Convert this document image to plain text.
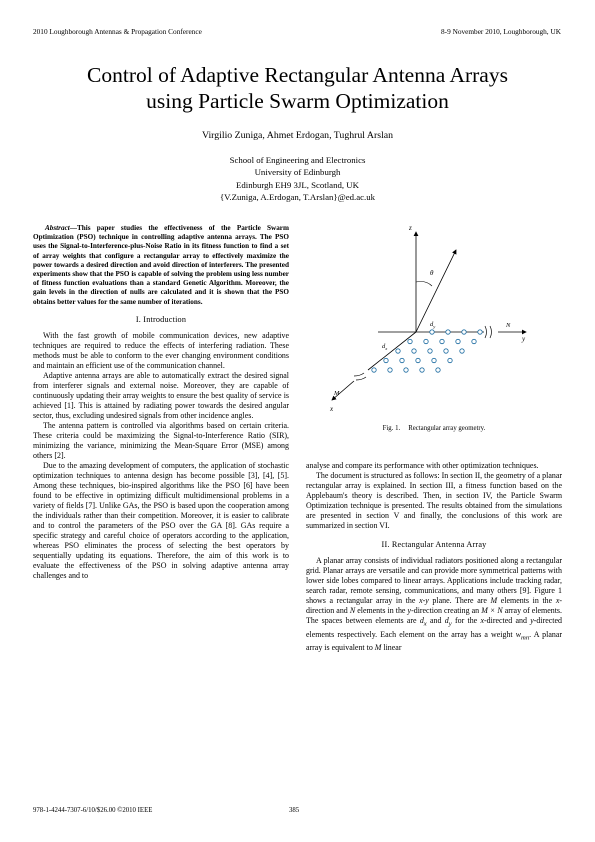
2010 Loughborough Antennas & Propagation Conference	8-9 November 2010, Loughborough, UK
Control of Adaptive Rectangular Antenna Arrays
using Particle Swarm Optimization
Virgilio Zuniga, Ahmet Erdogan, Tughrul Arslan
School of Engineering and Electronics
University of Edinburgh
Edinburgh EH9 3JL, Scotland, UK
{V.Zuniga, A.Erdogan, T.Arslan}@ed.ac.uk

Abstract—This paper studies the effectiveness of the Particle Swarm Optimization (PSO) technique in controlling adaptive antenna arrays. The PSO uses the Signal-to-Interference-plus-Noise Ratio in its fitness function to find a set of array weights that configure a rectangular array to effectively maximize the power towards a desired direction and avoid direction of interferers. The presented experiments show that the PSO is capable of solving the problem using less number of fitness function evaluations than a standard Genetic Algorithm. Moreover, the gain levels in the direction of nulls are calculated and it is shown that the PSO obtains better values for the same number of iterations.

I. Introduction

With the fast growth of mobile communication devices, new adaptive techniques are required to reduce the effects of interfering radiation. These methods must be able to conform to the ever changing environment conditions and maintain an efficient use of the communication channel.

Adaptive antenna arrays are able to automatically extract the desired signal from interferer signals and external noise. Moreover, they are capable of continuously updating their array weights to ensure the best quality of service is achieved [1]. This is attained by radiating power towards the desired angular sector, thus, excluding undesired signals from other incidence angles.

The antenna pattern is controlled via algorithms based on certain criteria. These criteria could be maximizing the Signal-to-Interference Ratio (SIR), minimizing the variance, minimizing the Mean-Square Error (MSE) among others [2].

Due to the amazing development of computers, the application of stochastic optimization techniques to antenna design has become possible [3], [4], [5]. Among these techniques, bio-inspired algorithms like the PSO [6] have been found to be effective in optimizing difficult multidimensional problems in a variety of fields [7]. Unlike GAs, the PSO is based upon the cooperation among the individuals rather than their competition. Moreover, it is easier to calibrate and to control the parameters of the PSO over the GA [8]. GAs require a specific strategy and careful choice of operators according to the application, whereas PSO eliminates the process of selecting the best operators by sequentially updating its equations. Therefore, the aim of this work is to evaluate the effectiveness of the PSO in solving adaptive antenna array challenges and to

z
y
x
θ
$d_y$
$d_x$
N
M
Fig. 1. Rectangular array geometry.

analyse and compare its performance with other optimization techniques.

The document is structured as follows: In section II, the geometry of a planar rectangular array is explained. In section III, a fitness function based on the Applebaum's theory is described. Then, in section IV, the Particle Swarm Optimization technique is presented. The results obtained from the simulations are presented in section V and finally, the conclusions of this work are summarized in section VI.

II. Rectangular Antenna Array

A planar array consists of individual radiators positioned along a rectangular grid. Planar arrays are versatile and can provide more symmetrical patterns with lower side lobes compared to linear arrays. Applications include tracking radar, search radar, remote sensing, communications, and many others [9]. Figure 1 shows a rectangular array in the x-y plane. There are M elements in the x-direction and N elements in the y-direction creating an M × N array of elements. The spaces between elements are $d_x$ and $d_y$ for the x-directed and y-directed elements respectively. Each element on the array has a weight $w_{mn}$. A planar array is equivalent to M linear

978-1-4244-7307-6/10/$26.00 ©2010 IEEE	385
